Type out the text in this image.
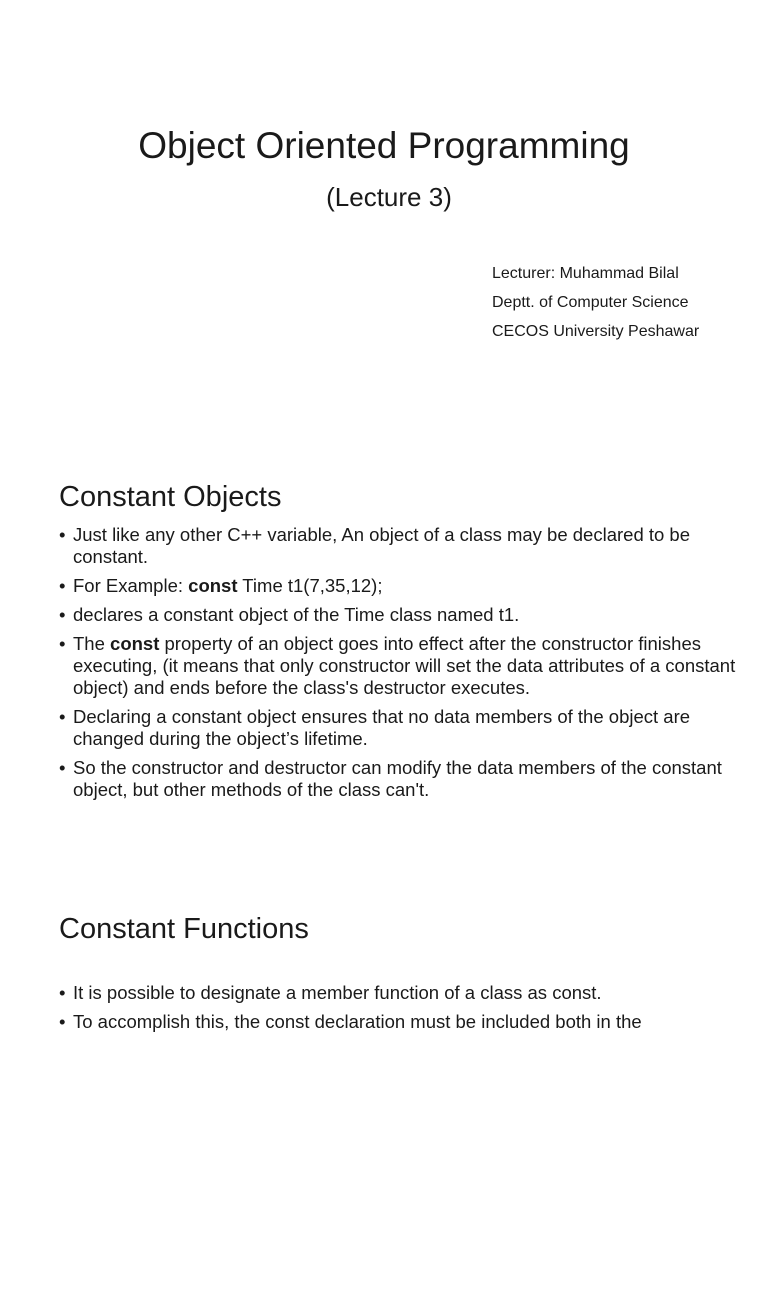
Object Oriented Programming
(Lecture 3)
Lecturer: Muhammad Bilal
Deptt. of Computer Science
CECOS University Peshawar
Constant Objects
• Just like any other C++ variable, An object of a class may be declared to be constant.
• For Example: const Time t1(7,35,12);
• declares a constant object of the Time class named t1.
• The const property of an object goes into effect after the constructor finishes executing, (it means that only constructor will set the data attributes of a constant object) and ends before the class's destructor executes.
• Declaring a constant object ensures that no data members of the object are changed during the object’s lifetime.
• So the constructor and destructor can modify the data members of the constant object, but other methods of the class can't.
Constant Functions
• It is possible to designate a member function of a class as const.
• To accomplish this, the const declaration must be included both in the
